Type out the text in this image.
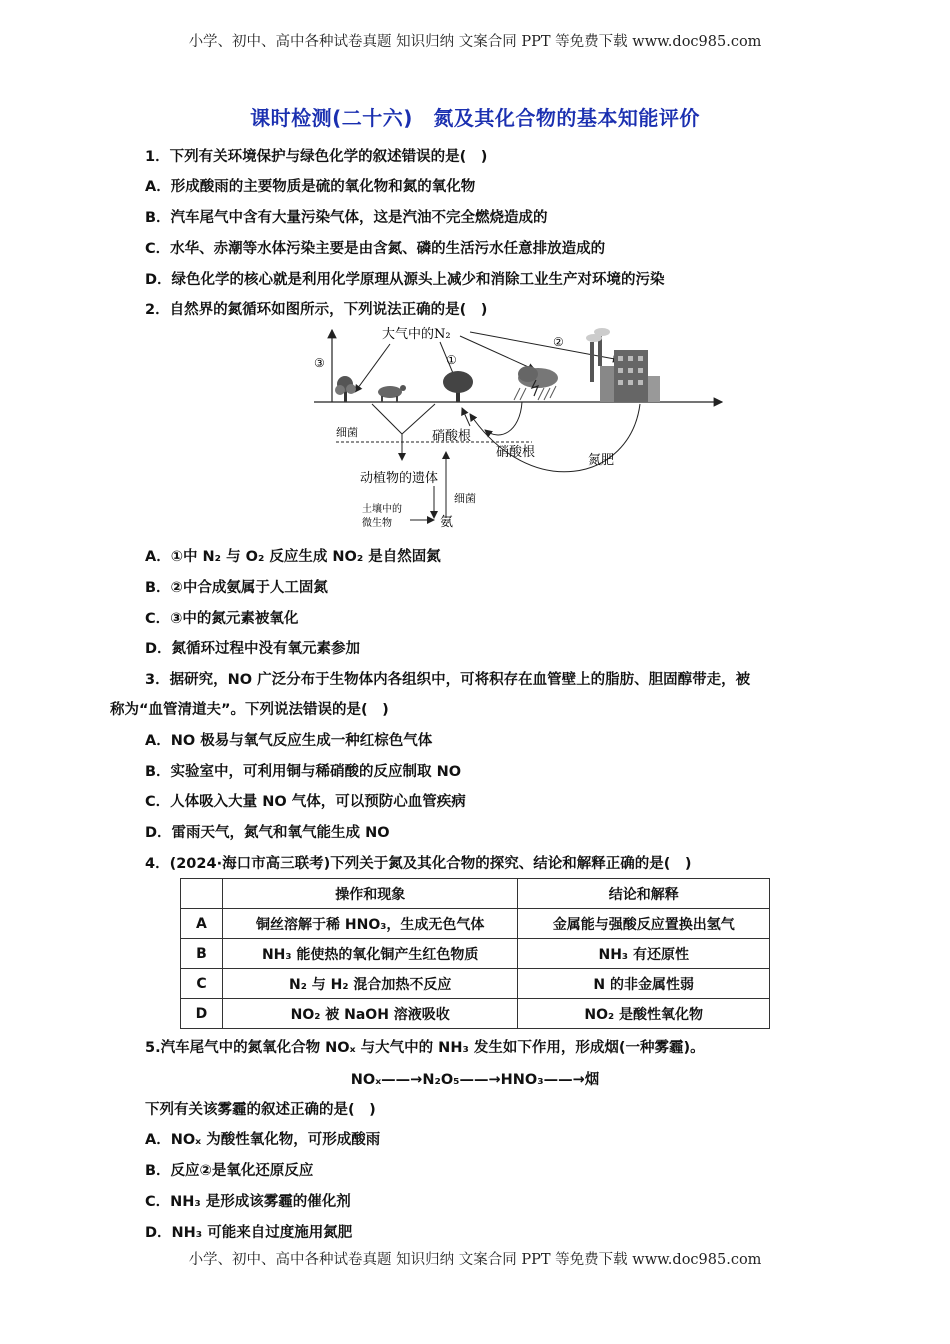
小学、初中、高中各种试卷真题 知识归纳 文案合同 PPT 等免费下载 www.doc985.com
课时检测(二十六)　氮及其化合物的基本知能评价
1．下列有关环境保护与绿色化学的叙述错误的是(　)
A．形成酸雨的主要物质是硫的氧化物和氮的氧化物
B．汽车尾气中含有大量污染气体，这是汽油不完全燃烧造成的
C．水华、赤潮等水体污染主要是由含氮、磷的生活污水任意排放造成的
D．绿色化学的核心就是利用化学原理从源头上减少和消除工业生产对环境的污染
2．自然界的氮循环如图所示，下列说法正确的是(　)
③
大气中的N₂
①
②
细菌	硝酸根
硝酸根
氮肥
动植物的遗体
细菌
土壤中的
微生物	氨
A．①中 N₂ 与 O₂ 反应生成 NO₂ 是自然固氮
B．②中合成氨属于人工固氮
C．③中的氮元素被氧化
D．氮循环过程中没有氧元素参加
3．据研究，NO 广泛分布于生物体内各组织中，可将积存在血管壁上的脂肪、胆固醇带走，被
称为“血管清道夫”。下列说法错误的是(　)
A．NO 极易与氧气反应生成一种红棕色气体
B．实验室中，可利用铜与稀硝酸的反应制取 NO
C．人体吸入大量 NO 气体，可以预防心血管疾病
D．雷雨天气，氮气和氧气能生成 NO
4．(2024·海口市高三联考)下列关于氮及其化合物的探究、结论和解释正确的是(　)
	操作和现象	结论和解释
A	铜丝溶解于稀 HNO₃，生成无色气体	金属能与强酸反应置换出氢气
B	NH₃ 能使热的氧化铜产生红色物质	NH₃ 有还原性
C	N₂ 与 H₂ 混合加热不反应	N 的非金属性弱
D	NO₂ 被 NaOH 溶液吸收	NO₂ 是酸性氧化物
5.汽车尾气中的氮氧化合物 NOₓ 与大气中的 NH₃ 发生如下作用，形成烟(一种雾霾)。
NOₓ——→N₂O₅——→HNO₃——→烟
下列有关该雾霾的叙述正确的是(　)
A．NOₓ 为酸性氧化物，可形成酸雨
B．反应②是氧化还原反应
C．NH₃ 是形成该雾霾的催化剂
D．NH₃ 可能来自过度施用氮肥
小学、初中、高中各种试卷真题 知识归纳 文案合同 PPT 等免费下载 www.doc985.com
